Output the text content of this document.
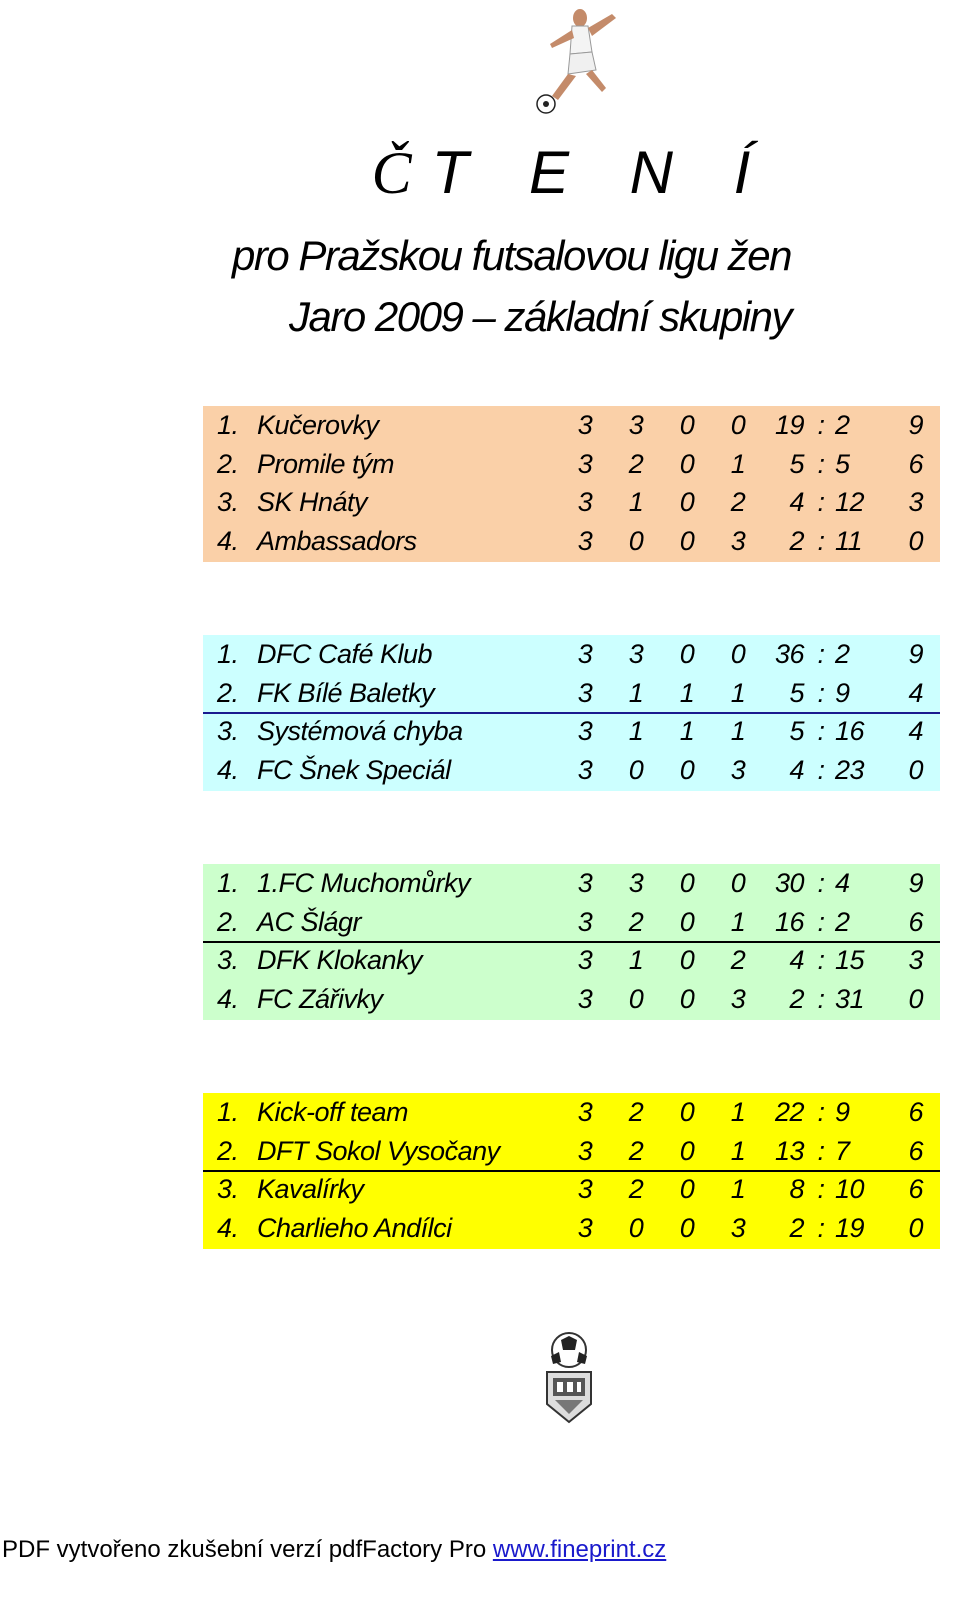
ČT E N Í
pro Pražskou futsalovou ligu žen
Jaro 2009 – základní skupiny
1. Kučerovky	3 3 0 0 19 : 2	9
2. Promile tým	3 2 0 1	5 : 5	6
3. SK Hnáty	3 1 0 2	4 : 12	3
4. Ambassadors	3 0 0 3	2 : 11	0
1. DFC Café Klub	3 3 0 0 36 : 2	9
2. FK Bílé Baletky	3 1 1 1	5 : 9	4
3. Systémová chyba	3 1 1 1	5 : 16	4
4. FC Šnek Speciál	3 0 0 3	4 : 23	0
1. 1.FC Muchomůrky	3 3 0 0 30 : 4	9
2. AC Šlágr	3 2 0 1 16 : 2	6
3. DFK Klokanky	3 1 0 2	4 : 15	3
4. FC Zářivky	3 0 0 3	2 : 31	0
1. Kick-off team	3 2 0 1 22 : 9	6
2. DFT Sokol Vysočany	3 2 0 1 13 : 7	6
3. Kavalírky	3 2 0 1	8 : 10	6
4. Charlieho Andílci	3 0 0 3	2 : 19	0
PDF vytvořeno zkušební verzí pdfFactory Pro www.fineprint.cz
